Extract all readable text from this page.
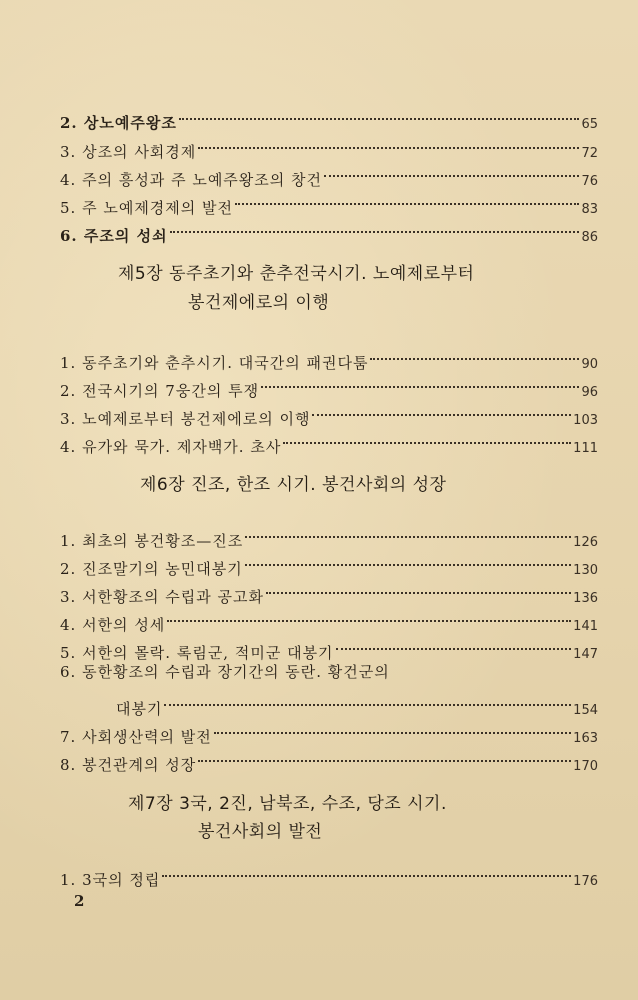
2. 상노예주왕조	65
3. 상조의 사회경제	72
4. 주의 흥성과 주 노예주왕조의 창건	76
5. 주 노예제경제의 발전	83
6. 주조의 성쇠	86
제5장 동주초기와 춘추전국시기. 노예제로부터
봉건제에로의 이행
1. 동주초기와 춘추시기. 대국간의 패권다툼	90
2. 전국시기의 7웅간의 투쟁	96
3. 노예제로부터 봉건제에로의 이행	103
4. 유가와 묵가. 제자백가. 초사	111
제6장 진조, 한조 시기. 봉건사회의 성장
1. 최초의 봉건황조—진조	126
2. 진조말기의 농민대봉기	130
3. 서한황조의 수립과 공고화	136
4. 서한의 성세	141
5. 서한의 몰락. 록림군, 적미군 대봉기	147
6. 동한황조의 수립과 장기간의 동란. 황건군의
대봉기	154
7. 사회생산력의 발전	163
8. 봉건관계의 성장	170
제7장 3국, 2진, 남북조, 수조, 당조 시기.
봉건사회의 발전
1. 3국의 정립	176
2
